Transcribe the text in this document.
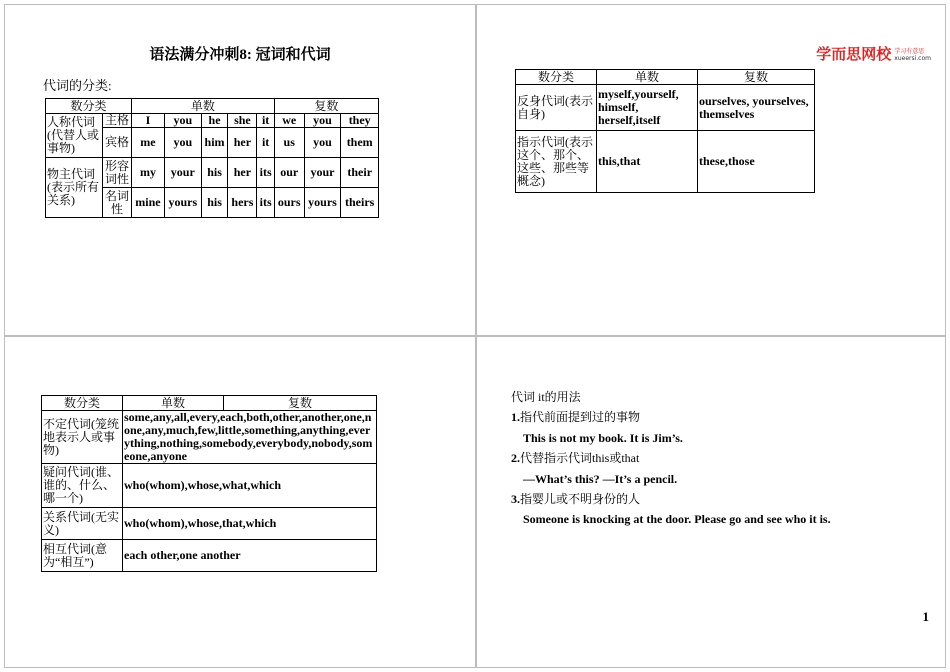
语法满分冲刺8: 冠词和代词
代词的分类:
数分类		单数					复数		
人称代词(代替人或事物)	主格	I	you	he	she	it	we	you	they
	宾格	me	you	him	her	it	us	you	them
物主代词(表示所有关系)	形容词性	my	your	his	her	its	our	your	their
	名词性	mine	yours	his	hers	its	ours	yours	theirs
学而思网校 学习有意思
xueersi.com
数分类	单数	复数
反身代词(表示自身)	myself,yourself, himself, herself,itself	ourselves, yourselves, themselves
指示代词(表示这个、那个、这些、那些等概念)	this,that	these,those
数分类	单数	复数
不定代词(笼统地表示人或事物)	some,any,all,every,each,both,other,another,one,none,any,much,few,little,something,anything,everything,nothing,somebody,everybody,nobody,someone,anyone	
疑问代词(谁、谁的、什么、哪一个)	who(whom),whose,what,which	
关系代词(无实义)	who(whom),whose,that,which	
相互代词(意为“相互”)	each other,one another	
代词 it的用法
1.指代前面提到过的事物
This is not my book. It is Jim’s.
2.代替指示代词this或that
—What’s this? —It’s a pencil.
3.指婴儿或不明身份的人
Someone is knocking at the door. Please go and see who it is.
1
